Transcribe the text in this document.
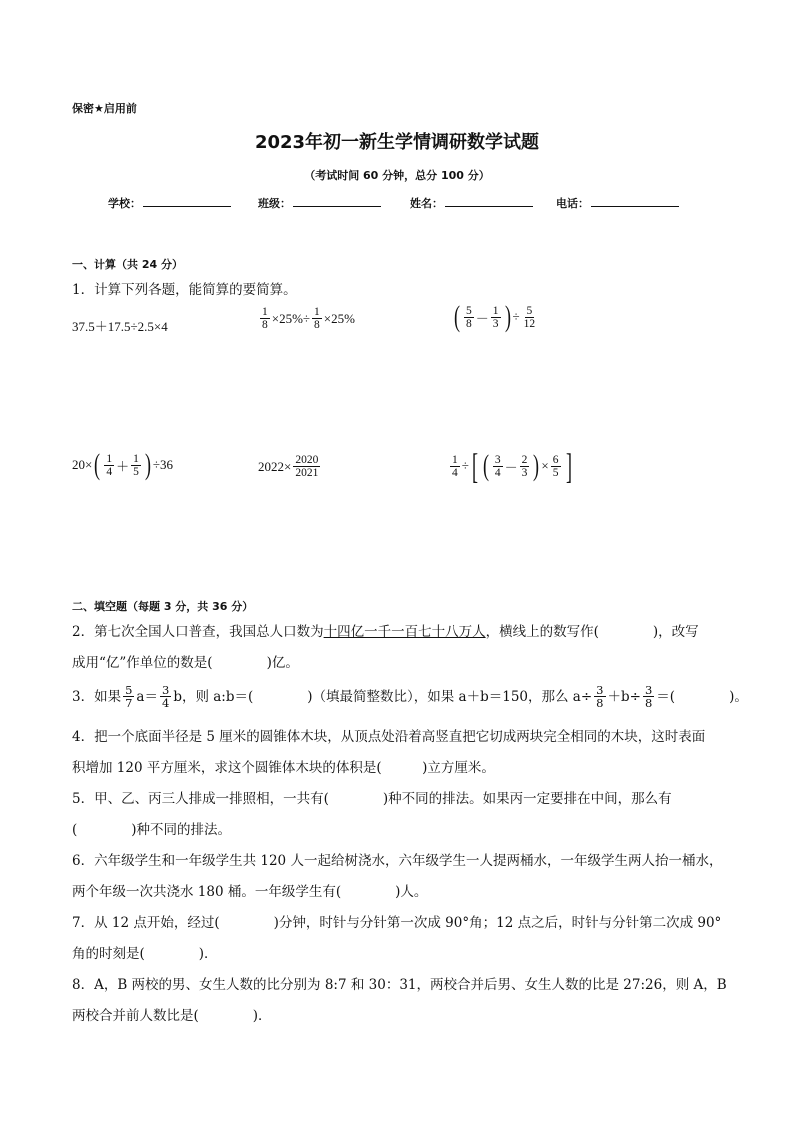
保密★启用前
2023年初一新生学情调研数学试题
（考试时间 60 分钟，总分 100 分）
学校：	班级：	姓名：	电话：
一、计算（共 24 分）
1．计算下列各题，能简算的要简算。
37.5＋17.5÷2.5×4	$\frac{1}{8} \times 25\%\div \frac{1}{8} \times 25\%$	( $\frac{5}{8} - \frac{1}{3}$ ) ÷ $\frac{5}{12}$
20× ( $\frac{1}{4} + \frac{1}{5}$ ) ÷36	$2022\times \frac{2020}{2021}$	$\frac{1}{4}$ ÷ [ ( $\frac{3}{4} - \frac{2}{3}$ ) × $\frac{6}{5}$ ]
二、填空题（每题 3 分，共 36 分）
2．第七次全国人口普查，我国总人口数为十四亿一千一百七十八万人，横线上的数写作(　　　　)，改写
成用“亿”作单位的数是(　　　　)亿。
3．如果 $\frac{5}{7} a= \frac{3}{4}$ b，则 a:b＝(　　　　)（填最简整数比），如果 a＋b＝150，那么 $a\div \frac{3}{8} +b\div \frac{3}{8}$ ＝(　　　　)。
4．把一个底面半径是 5 厘米的圆锥体木块，从顶点处沿着高竖直把它切成两块完全相同的木块，这时表面
积增加 120 平方厘米，求这个圆锥体木块的体积是(　　　)立方厘米。
5．甲、乙、丙三人排成一排照相，一共有(　　　　)种不同的排法。如果丙一定要排在中间，那么有
(　　　　)种不同的排法。
6．六年级学生和一年级学生共 120 人一起给树浇水，六年级学生一人提两桶水，一年级学生两人抬一桶水，
两个年级一次共浇水 180 桶。一年级学生有(　　　　)人。
7．从 12 点开始，经过(　　　　)分钟，时针与分针第一次成 90°角；12 点之后，时针与分针第二次成 90°
角的时刻是(　　　　)．
8．A，B 两校的男、女生人数的比分别为 8:7 和 30：31，两校合并后男、女生人数的比是 27:26，则 A，B
两校合并前人数比是(　　　　)．
